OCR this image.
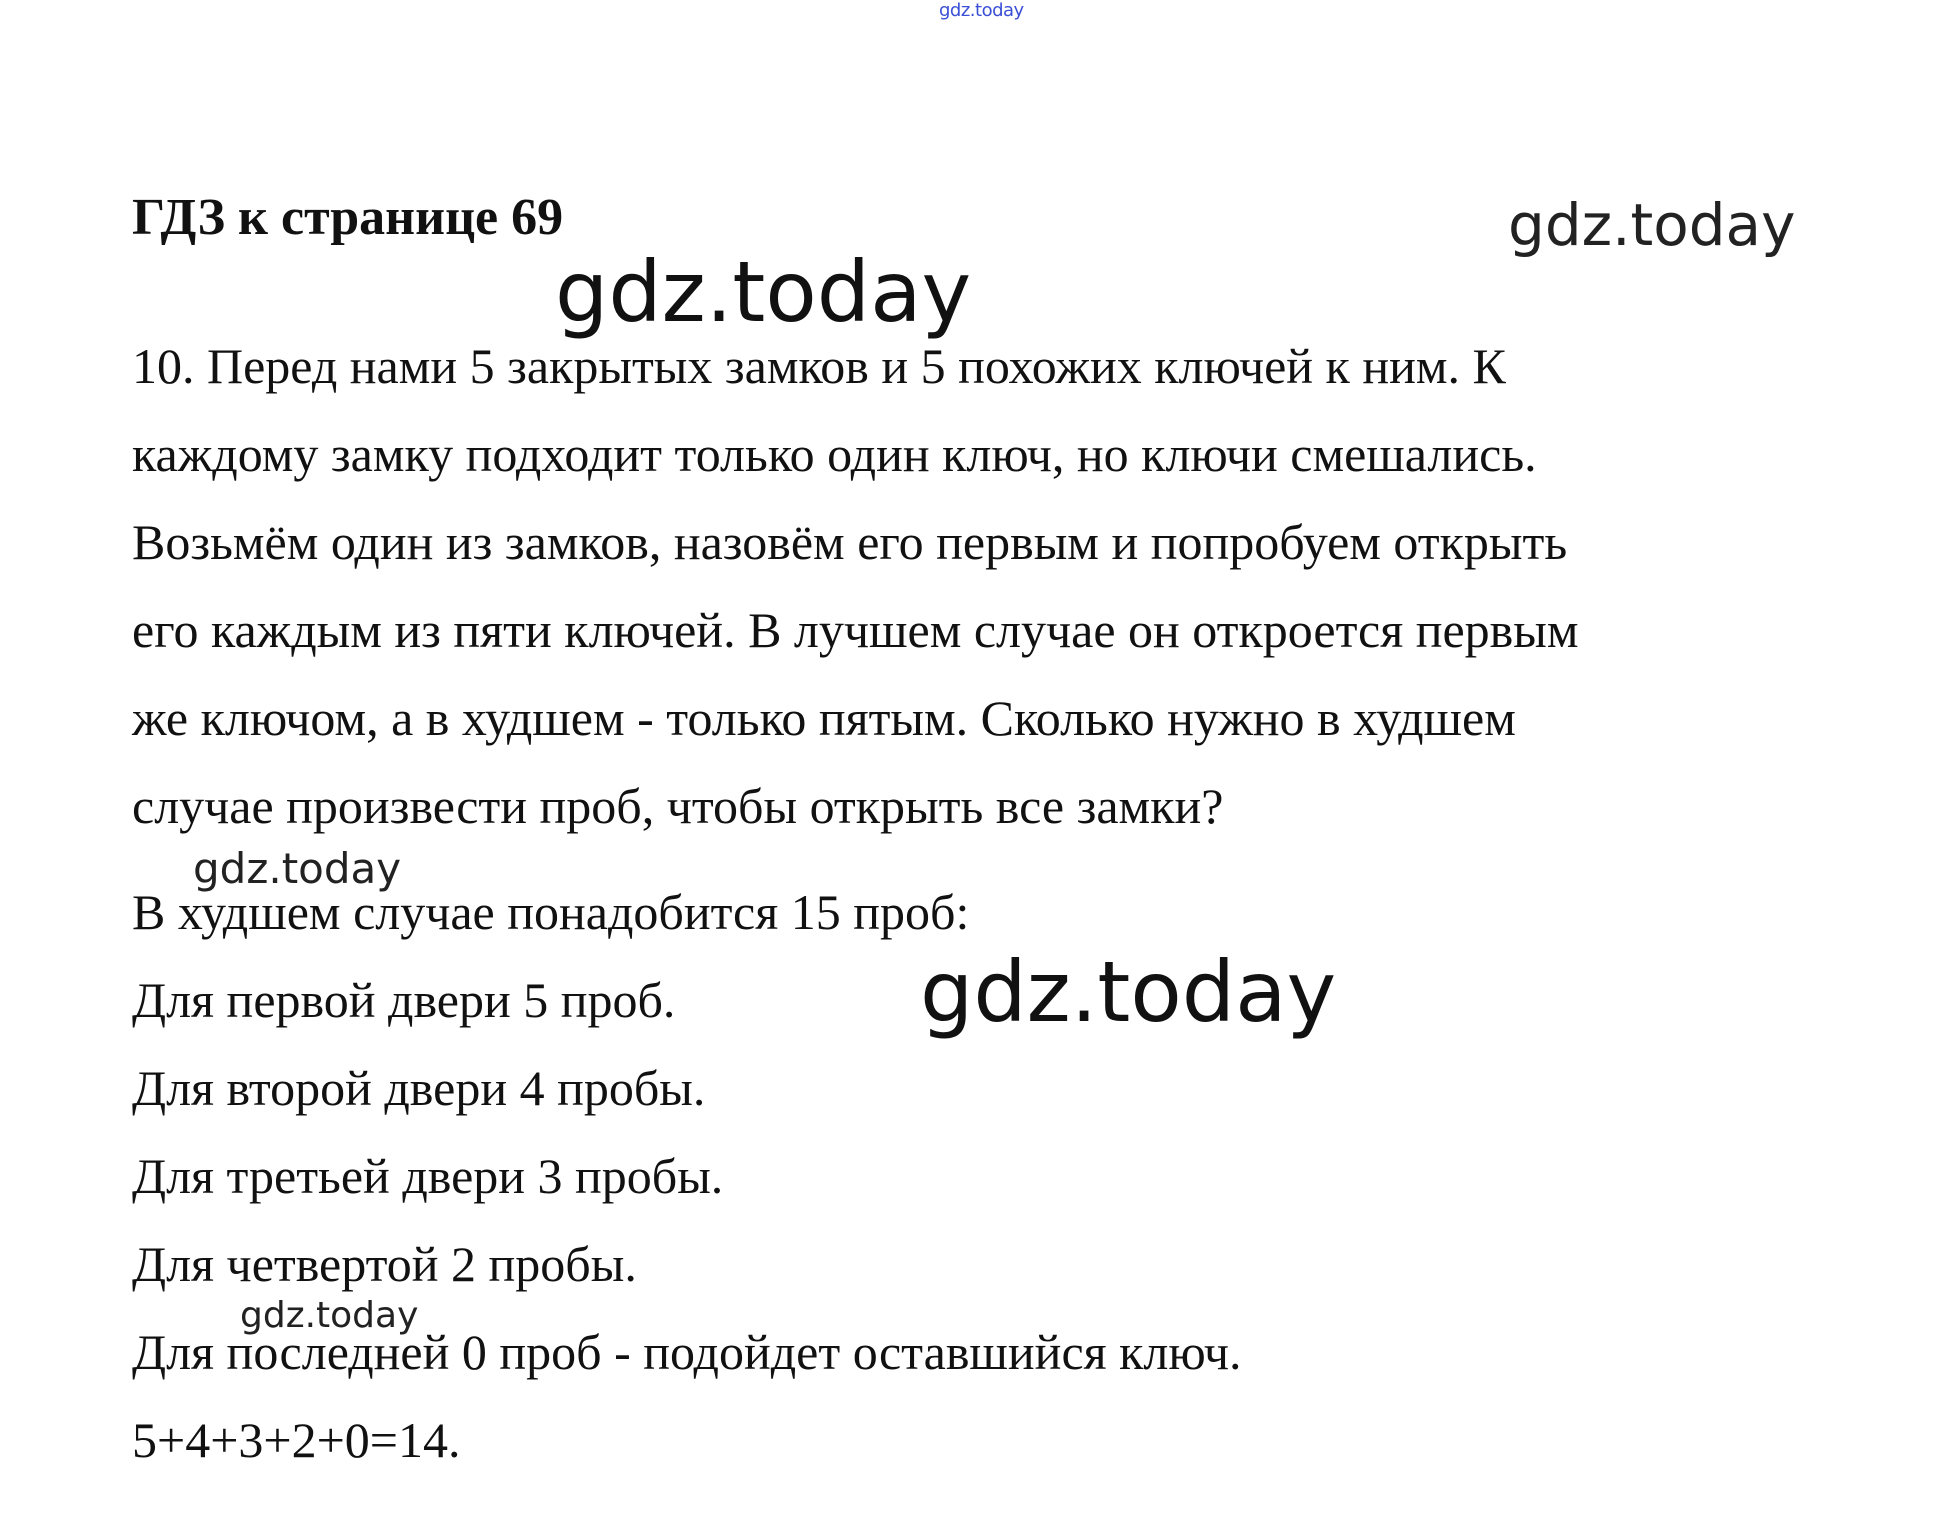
gdz.today
gdz.today
ГДЗ к странице 69
10. Перед нами 5 закрытых замков и 5 похожих ключей к ним. К
каждому замку подходит только один ключ, но ключи смешались.
Возьмём один из замков, назовём его первым и попробуем открыть
его каждым из пяти ключей. В лучшем случае он откроется первым
же ключом, а в худшем - только пятым. Сколько нужно в худшем
случае произвести проб, чтобы открыть все замки?
В худшем случае понадобится 15 проб:
Для первой двери 5 проб.
Для второй двери 4 пробы.
Для третьей двери 3 пробы.
Для четвертой 2 пробы.
Для последней 0 проб - подойдет оставшийся ключ.
5+4+3+2+0=14.
gdz.today
gdz.today
gdz.today
gdz.today
